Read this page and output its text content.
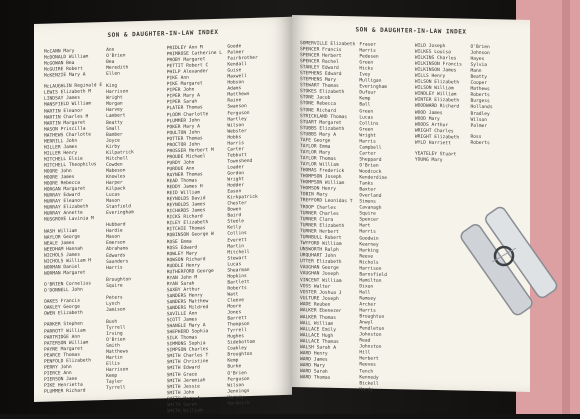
SON & DAUGHTER-IN-LAW INDEX
McCANN Mary
McDONALD William
McGOWAN Bea
McGUIRE Robert
McKENZIE Mary A
McLAUGHLIN Reginald E
LEWIS Elizabeth M
LINDSAY James
MANSFIELD William
MARTIN Eleanor
MARTIN Charles H
MARTIN Margaret
MASON Priscilla
MATHEWS Charlotte
MERRILL John
MILLER James
MILLER Henry
MITCHELL Elsie
MITCHELL Theophilus
MOORE John
MOORE James
MOORE Rebecca
MORGAN Margaret
MURRAY Edward
MURRAY Eleanor
MURRAY Elizabeth
MURRAY Annette
MUSGROVE Lavinia M
NASH William
NAYLOR George
NEALE James
NEEDHAM Hannah
NICHOLS James
NICHOLS William H
NORMAN Daniel
NORMAN Margaret
O'BRIEN Cornelius
O'DONNELL John
OAKES Francis
OAKLEY George
OWEN Elizabeth
PARKER Stephen
PARROTT William
PARTRIDGE Ann
PATERSON William
PAYNE Margaret
PEARCE Thomas
PENFOLD Elizabeth
PERRY John
PIERCE Ann
PIERSON Jane
PIKE Henrietta
PLUMMER Richard
Ann
O'Brien
Bea
Meredith
Ellen
King
Harrison
Wright
Morgan
Harvey
Lambert
Beatty
Small
Bamber
Joyce
Kirby
Kilpatrick
Mitchell
Cowden
Mabeson
Knowles
Harper
Kilpack
Lucas
Mason
Stanfield
Everingham
Hubbard
Hardie
Mason
Emerson
Abrahams
Edwards
Saunders
Harris
Broughton
Squire
Peters
Lynch
Jamison
Bush
Tyrrell
Irving
O'Brien
Smith
Matthews
Martin
Ellis
Harrison
Kemp
Tayler
Tyrrell
PRIDLEY Ann M
PRIMROSE Catherine L
PROBY Margaret
PETTIT Robert C
PHILP Alexander
PIKE Ann
PIKE Margaret
PIPER John
PIPER Mary A
PIPER Sarah
PLATER Thomas
PLOOM Charlotte
PLUMMER John
POKER Mary A
POULTON John
POTTER Thomas
PROCTOR John
PROSSER Herbert M
PROUDE Michael
PURDY John
PURDUE Ann
RAYNER Thomas
READ Thomas
REDDY James H
REID William
REYNOLDS David
REYNOLDS James
RICHARDS James
RICKS Richard
RILEY Elizabeth
RITCHIE Thomas
ROBINSON George W
ROSE Emma
ROSS Edward
ROWLEY Mary
ROWSON Richard
RUDDLE Henry
RUTHERFORD George
RYAN John M
RYAN Sarah
SAXBY Arthur
SANDERS Henry
SANDERS Matthew
SANDERS Mildred
SAVILLE Ann
SCOTT James
SHANGLE Mary A
SHEPHERD Sophia
SILK Thomas
SIMMONS Sophia
SIMPSON Charles
SMITH Charles T
SMITH Christine
SMITH Edward
SMITH Grace
SMITH Jeremiah
SMITH Jessie
SMITH John
SMITH Mary A
SMITH Sarah
SMITH William
Goode
Palmer
Fairbrother
Kendall
Guise
Maxwell
Hobson
Adams
Matthews
Raine
Swanson
Ferguson
Hartley
Wilson
Webster
Hobbs
Harris
Carter
Tebbutt
Townshend
Loader
Gordon
Wright
Hodder
Eason
Kirkpatrick
Chester
Bowen
Baird
Steele
Kelly
Collins
Everett
Martin
Mitchell
Stewart
Lucas
Shearman
Hopkins
Bartlett
Roberts
Watt
Cleeve
Moore
Jones
Barrett
Thompson
Tyrrell
Hughes
Sidebottom
Coakley
Broughton
Kemp
Burke
O'Brien
Ferguson
Wilson
Jennings
Harvey
Hardwick
SON & DAUGHTER-IN-LAW INDEX
SOMERVILLE Elizabeth
SPENCER Francis
SPENCER Herbert
SPENCER Rachel
STANLEY Edward
STEPHENS Edward
STEPHENS Mary
STEWART Thomas
STOKES Elizabeth
STONE Jacob
STONE Rebecca
STONE Richard
STRICKLAND Thomas
STUART Margaret
STUBBS Elizabeth
STUBBS Mary A
TAFE George
TAYLOR Emma
TAYLOR Mary
TAYLOR Thomas
TAYLOR William
THOMAS Frederick
THOMPSON Joseph
THOMPSON William
THOMSON Henry
TOBIN Mary
TREFFORD Leonidas T
TROOP Charles
TURNER Charles
TURNER Clara
TURNER Elizabeth
TURNER Herbert
TURNBULL Robert
TWYFORD William
UNSWORTH Ralph
URQUHART John
UTTER Elizabeth
VAUGHAN George
VAUGHAN Joseph
VINCENT William
VOSS Walter
VOSTER Joshua J
VULTURE Joseph
WADE Reuben
WALKER Ebenezer
WALKER Thomas
WALL William
WALLACE Emily
WALLACE Hugh
WALLACE Thomas
WALSH Sarah A
WARD Henry
WARD James
WARD Mary
WARD Sarah
WARD Thomas
Fraser
Harris
Pedesen
Green
Hicks
Ivey
Mulligan
Everingham
Dufour
Kemp
Ball
Green
Lucas
Collins
Green
Wright
Harris
Campbell
Carter
Sheppard
O'Brien
Woodcock
Kenderdine
Tanks
Baxter
Overland
Simons
Cavanagh
Squire
Spencer
Hart
Harris
Goodwin
Kearney
Harking
Reeve
Nichols
Harrison
Barnsfield
Hamilton
Dixon
Hall
Ramsey
Archer
Harris
Broughton
Anwyl
Pendleton
Johnston
Read
Johnston
Hill
Herbert
Reeves
Tench
Kennedy
Bickell
Hardy
WILD Joseph
WILKES Louisa
WILKINS Charles
WILKINSON Francis
WILKINSON James
WILLS Henry
WILSON Elizabeth
WILSON William
WINDLEY William
WINTER Elizabeth
WOODWARD Richard
WOOD James
WOOD Mary
WOODS Arthur
WRIGHT Charles
WRIGHT Elizabeth
WYLD Harriett
YEATELEY Stuart
YOUNG Mary
O'Brien
Johnson
Hayes
Sylvia
Mann
Beatty
Cooper
Mathews
Roberts
Burgess
Hollands
Bradley
Wilson
Palmer
Ross
Roberts
